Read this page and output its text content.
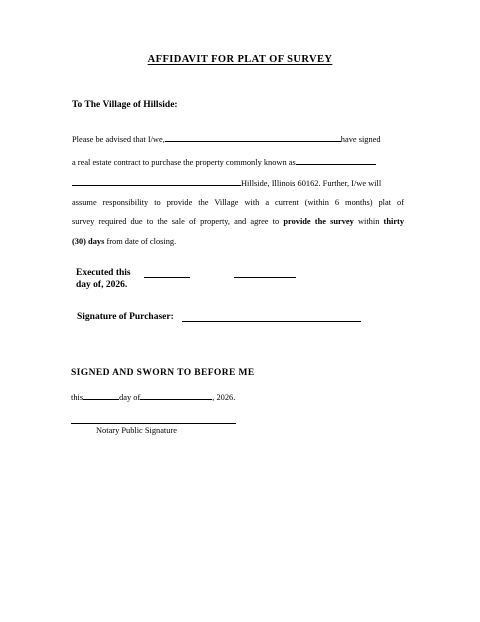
AFFIDAVIT FOR PLAT OF SURVEY
To The Village of Hillside:
Please be advised that I/we,	have signed
a real estate contract to purchase the property commonly known as
Hillside, Illinois 60162. Further, I/we will
assume responsibility to provide the Village with a current (within 6 months) plat of
survey required due to the sale of property, and agree to provide the survey within thirty
(30) days from date of closing.
Executed this
day of, 2026.
Signature of Purchaser:
SIGNED AND SWORN TO BEFORE ME
this	day of	, 2026.
Notary Public Signature
